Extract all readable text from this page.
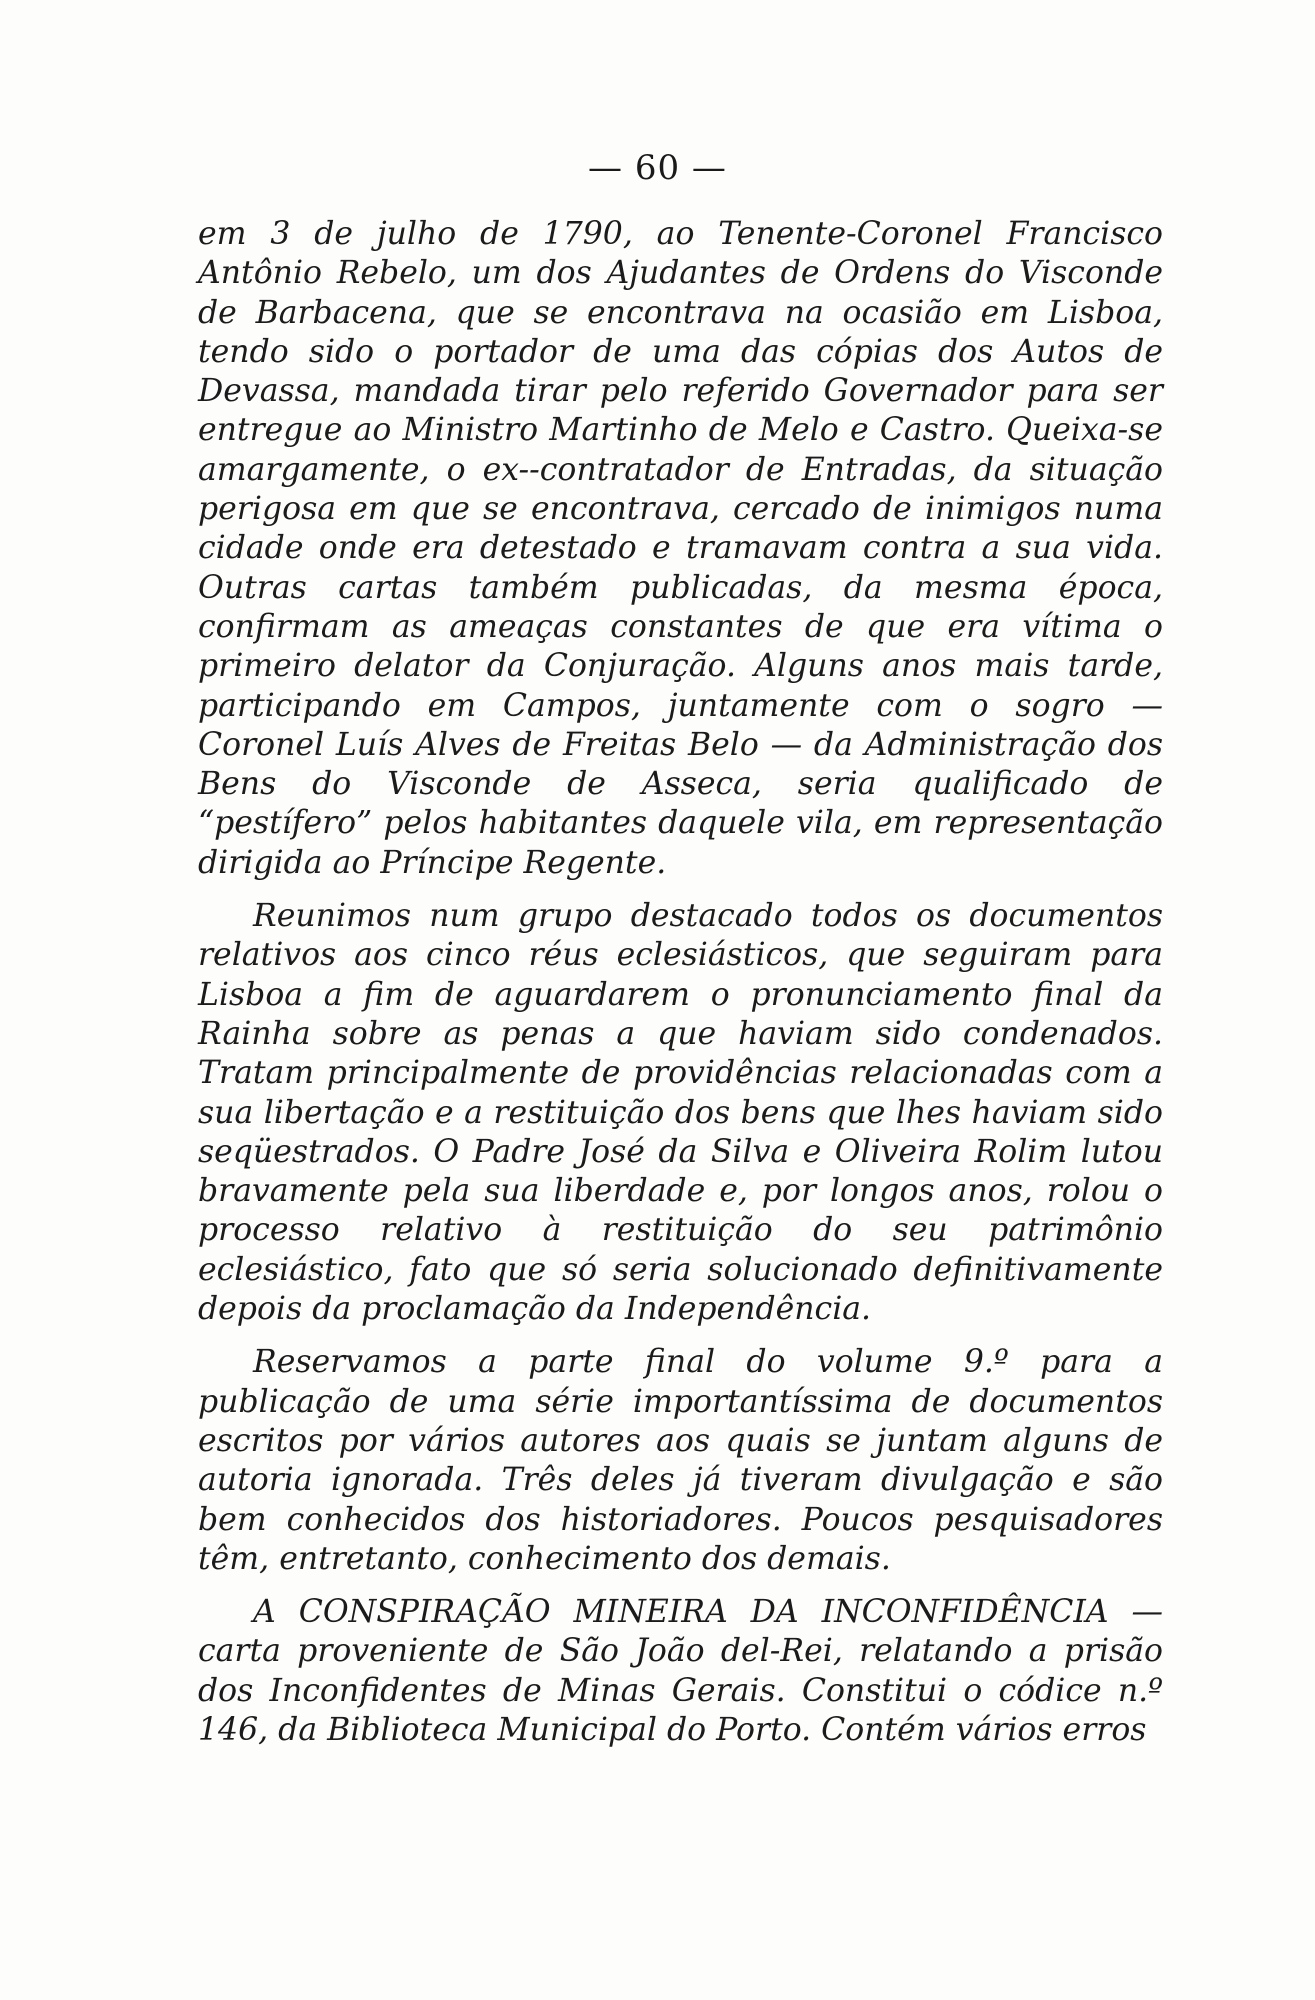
— 60 —

em 3 de julho de 1790, ao Tenente-Coronel Francisco Antônio Rebelo, um dos Ajudantes de Ordens do Visconde de Barbacena, que se encontrava na ocasião em Lisboa, tendo sido o portador de uma das cópias dos Autos de Devassa, mandada tirar pelo referido Governador para ser entregue ao Ministro Martinho de Melo e Castro. Queixa-se amargamente, o ex--contratador de Entradas, da situação perigosa em que se encontrava, cercado de inimigos numa cidade onde era detestado e tramavam contra a sua vida. Outras cartas também publicadas, da mesma época, confirmam as ameaças constantes de que era vítima o primeiro delator da Conjuração. Alguns anos mais tarde, participando em Campos, juntamente com o sogro — Coronel Luís Alves de Freitas Belo — da Administração dos Bens do Visconde de Asseca, seria qualificado de “pestífero” pelos habitantes daquele vila, em representação dirigida ao Príncipe Regente.

Reunimos num grupo destacado todos os documentos relativos aos cinco réus eclesiásticos, que seguiram para Lisboa a fim de aguardarem o pronunciamento final da Rainha sobre as penas a que haviam sido condenados. Tratam principalmente de providências relacionadas com a sua libertação e a restituição dos bens que lhes haviam sido seqüestrados. O Padre José da Silva e Oliveira Rolim lutou bravamente pela sua liberdade e, por longos anos, rolou o processo relativo à restituição do seu patrimônio eclesiástico, fato que só seria solucionado definitivamente depois da proclamação da Independência.

Reservamos a parte final do volume 9.º para a publicação de uma série importantíssima de documentos escritos por vários autores aos quais se juntam alguns de autoria ignorada. Três deles já tiveram divulgação e são bem conhecidos dos historiadores. Poucos pesquisadores têm, entretanto, conhecimento dos demais.

A CONSPIRAÇÃO MINEIRA DA INCONFIDÊNCIA — carta proveniente de São João del-Rei, relatando a prisão dos Inconfidentes de Minas Gerais. Constitui o códice n.º 146, da Biblioteca Municipal do Porto. Contém vários erros
